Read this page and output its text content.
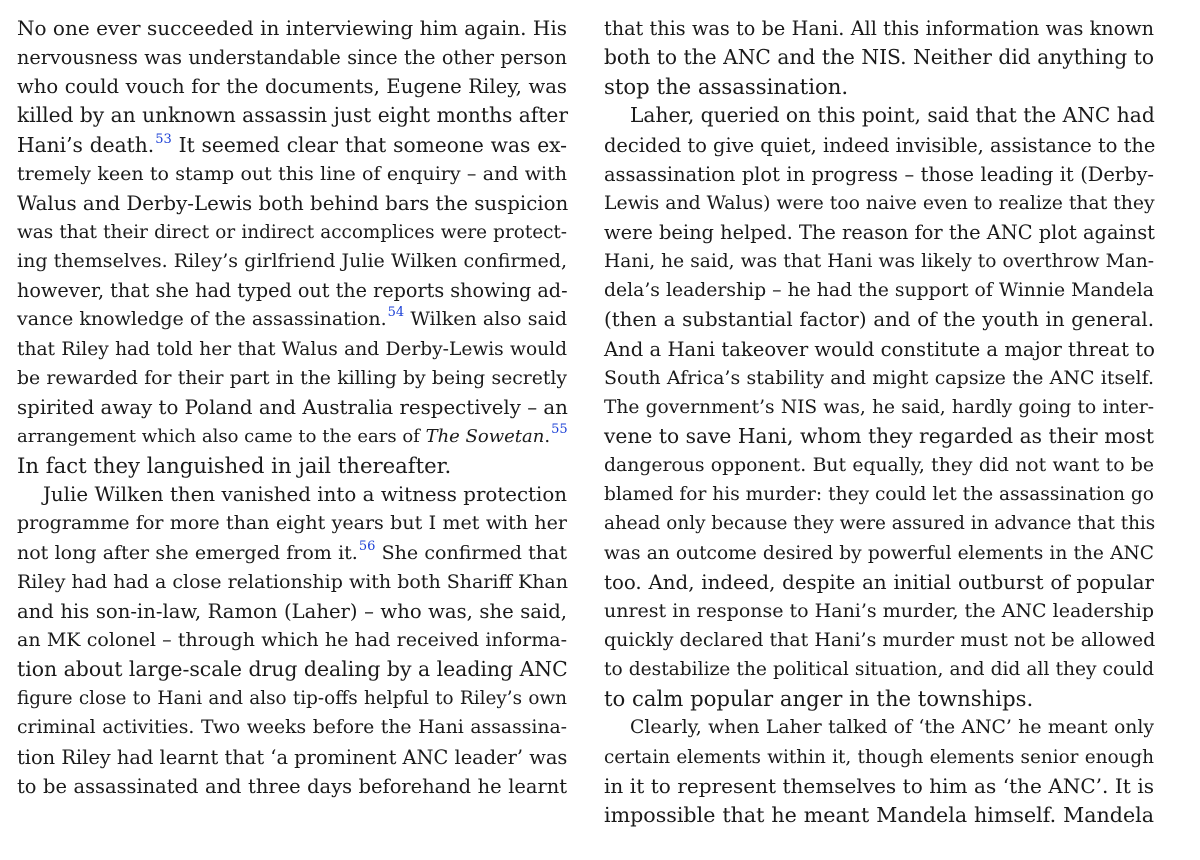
No one ever succeeded in interviewing him again. His
nervousness was understandable since the other person
who could vouch for the documents, Eugene Riley, was
killed by an unknown assassin just eight months after
Hani’s death.$^{53}$ It seemed clear that someone was ex-
tremely keen to stamp out this line of enquiry – and with
Walus and Derby-Lewis both behind bars the suspicion
was that their direct or indirect accomplices were protect-
ing themselves. Riley’s girlfriend Julie Wilken confirmed,
however, that she had typed out the reports showing ad-
vance knowledge of the assassination.$^{54}$ Wilken also said
that Riley had told her that Walus and Derby-Lewis would
be rewarded for their part in the killing by being secretly
spirited away to Poland and Australia respectively – an
arrangement which also came to the ears of The Sowetan.$^{55}$
In fact they languished in jail thereafter.
Julie Wilken then vanished into a witness protection
programme for more than eight years but I met with her
not long after she emerged from it.$^{56}$ She confirmed that
Riley had had a close relationship with both Shariff Khan
and his son-in-law, Ramon (Laher) – who was, she said,
an MK colonel – through which he had received informa-
tion about large-scale drug dealing by a leading ANC
figure close to Hani and also tip-offs helpful to Riley’s own
criminal activities. Two weeks before the Hani assassina-
tion Riley had learnt that ‘a prominent ANC leader’ was
to be assassinated and three days beforehand he learnt
that this was to be Hani. All this information was known
both to the ANC and the NIS. Neither did anything to
stop the assassination.
Laher, queried on this point, said that the ANC had
decided to give quiet, indeed invisible, assistance to the
assassination plot in progress – those leading it (Derby-
Lewis and Walus) were too naive even to realize that they
were being helped. The reason for the ANC plot against
Hani, he said, was that Hani was likely to overthrow Man-
dela’s leadership – he had the support of Winnie Mandela
(then a substantial factor) and of the youth in general.
And a Hani takeover would constitute a major threat to
South Africa’s stability and might capsize the ANC itself.
The government’s NIS was, he said, hardly going to inter-
vene to save Hani, whom they regarded as their most
dangerous opponent. But equally, they did not want to be
blamed for his murder: they could let the assassination go
ahead only because they were assured in advance that this
was an outcome desired by powerful elements in the ANC
too. And, indeed, despite an initial outburst of popular
unrest in response to Hani’s murder, the ANC leadership
quickly declared that Hani’s murder must not be allowed
to destabilize the political situation, and did all they could
to calm popular anger in the townships.
Clearly, when Laher talked of ‘the ANC’ he meant only
certain elements within it, though elements senior enough
in it to represent themselves to him as ‘the ANC’. It is
impossible that he meant Mandela himself. Mandela
